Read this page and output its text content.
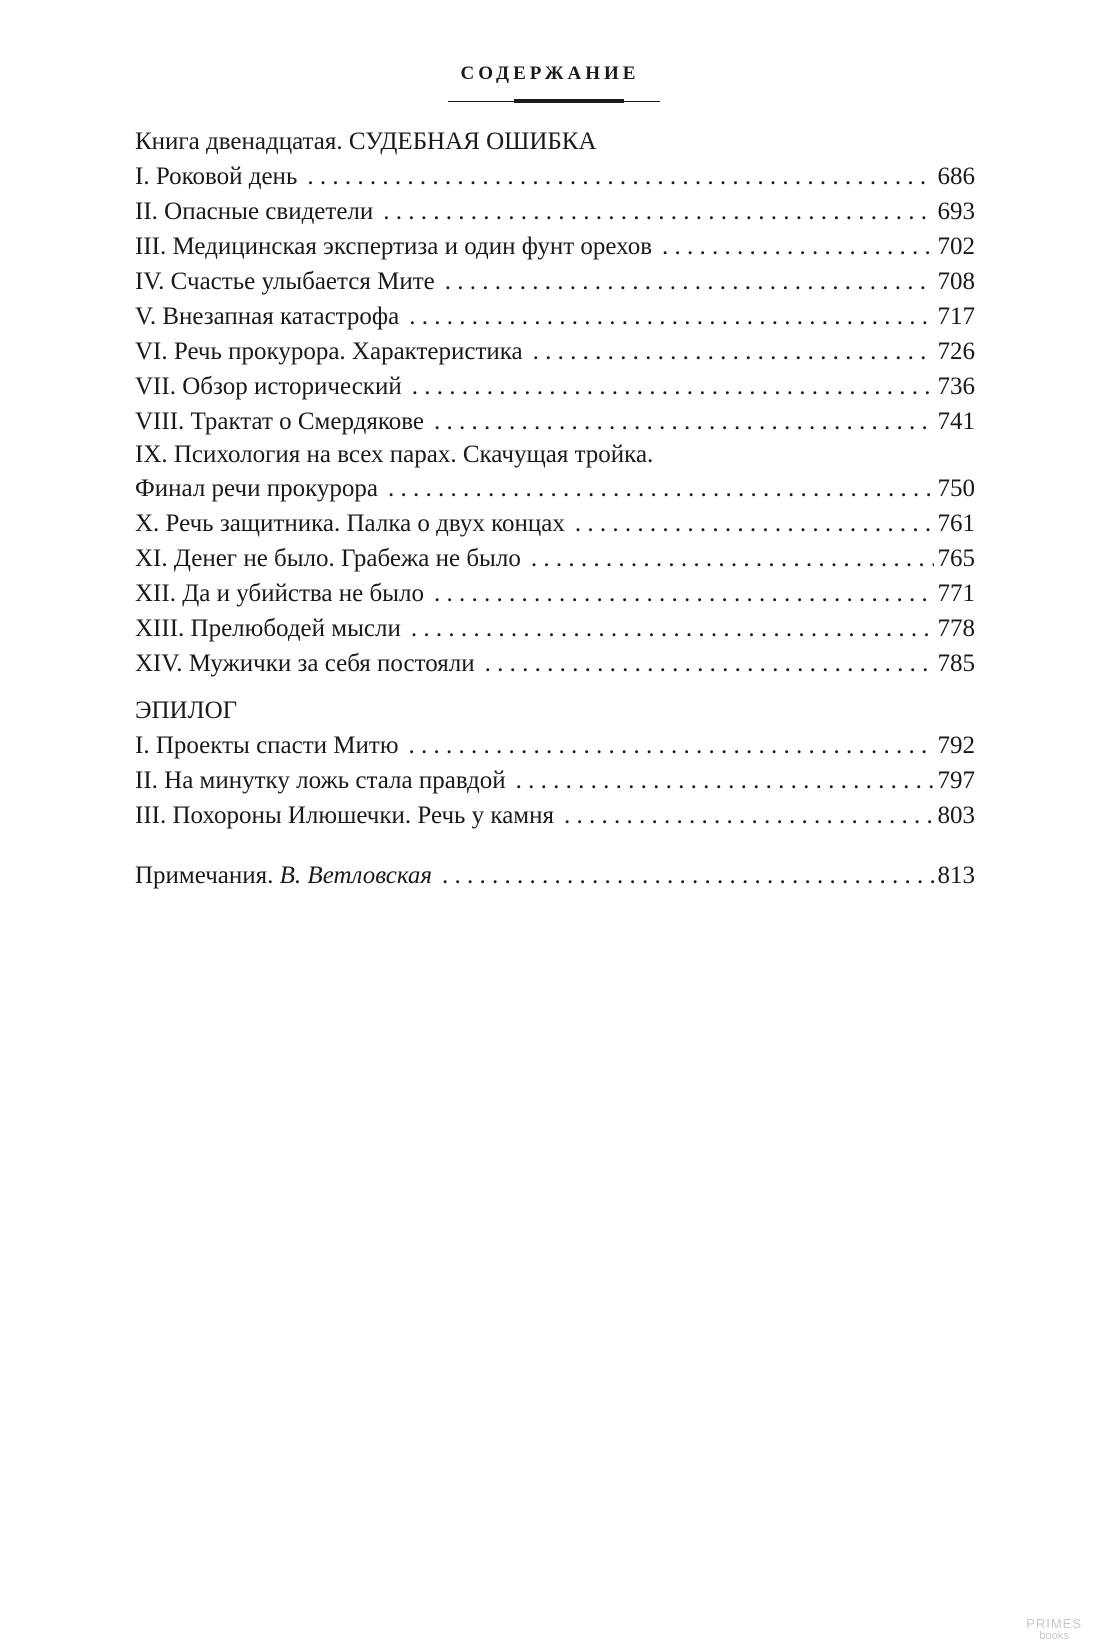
СОДЕРЖАНИЕ
Книга двенадцатая. СУДЕБНАЯ ОШИБКА
I. Роковой день . . .	686
II. Опасные свидетели . . .	693
III. Медицинская экспертиза и один фунт орехов . . .	702
IV. Счастье улыбается Мите . . .	708
V. Внезапная катастрофа . . .	717
VI. Речь прокурора. Характеристика . . .	726
VII. Обзор исторический . . .	736
VIII. Трактат о Смердякове . . .	741
IX. Психология на всех парах. Скачущая тройка.
Финал речи прокурора . . .	750
X. Речь защитника. Палка о двух концах . . .	761
XI. Денег не было. Грабежа не было . . .	765
XII. Да и убийства не было . . .	771
XIII. Прелюбодей мысли . . .	778
XIV. Мужички за себя постояли . . .	785
ЭПИЛОГ
I. Проекты спасти Митю . . .	792
II. На минутку ложь стала правдой . . .	797
III. Похороны Илюшечки. Речь у камня . . .	803
Примечания. В. Ветловская . . .	813
PRIMES
books
